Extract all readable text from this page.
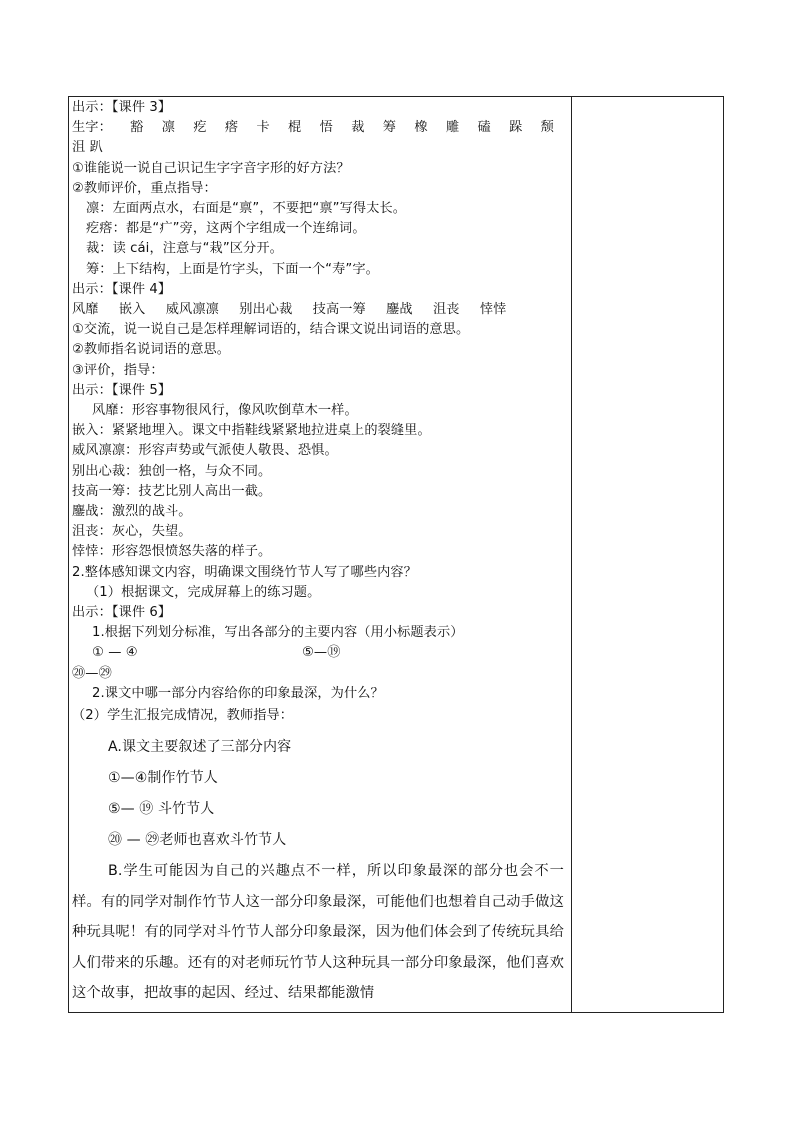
出示：【课件 3】
生字： 豁 凛 疙 瘩 卡 棍 悟 裁 筹 橡 雕 磕 跺 颓
沮 趴
①谁能说一说自己识记生字字音字形的好方法？
②教师评价，重点指导：
凛：左面两点水，右面是“禀”，不要把“禀”写得太长。
疙瘩：都是“疒”旁，这两个字组成一个连绵词。
裁：读 cái，注意与“栽”区分开。
筹：上下结构，上面是竹字头，下面一个“寿”字。
出示：【课件 4】
风靡 嵌入 威风凛凛 别出心裁 技高一筹 鏖战 沮丧 悻悻
①交流，说一说自己是怎样理解词语的，结合课文说出词语的意思。
②教师指名说词语的意思。
③评价，指导：
出示：【课件 5】
风靡：形容事物很风行，像风吹倒草木一样。
嵌入：紧紧地埋入。课文中指鞋线紧紧地拉进桌上的裂缝里。
威风凛凛：形容声势或气派使人敬畏、恐惧。
别出心裁：独创一格，与众不同。
技高一筹：技艺比别人高出一截。
鏖战：激烈的战斗。
沮丧：灰心，失望。
悻悻：形容怨恨愤怒失落的样子。
2.整体感知课文内容，明确课文围绕竹节人写了哪些内容？
（1）根据课文，完成屏幕上的练习题。
出示：【课件 6】
1.根据下列划分标准，写出各部分的主要内容（用小标题表示）
① — ④	⑤—⑲
⑳—㉙
2.课文中哪一部分内容给你的印象最深，为什么？
（2）学生汇报完成情况，教师指导：
A.课文主要叙述了三部分内容
①—④制作竹节人
⑤— ⑲ 斗竹节人
⑳ — ㉙老师也喜欢斗竹节人

B.学生可能因为自己的兴趣点不一样，所以印象最深的部分也会不一样。有的同学对制作竹节人这一部分印象最深，可能他们也想着自己动手做这种玩具呢！有的同学对斗竹节人部分印象最深，因为他们体会到了传统玩具给人们带来的乐趣。还有的对老师玩竹节人这种玩具一部分印象最深，他们喜欢这个故事，把故事的起因、经过、结果都能激情
